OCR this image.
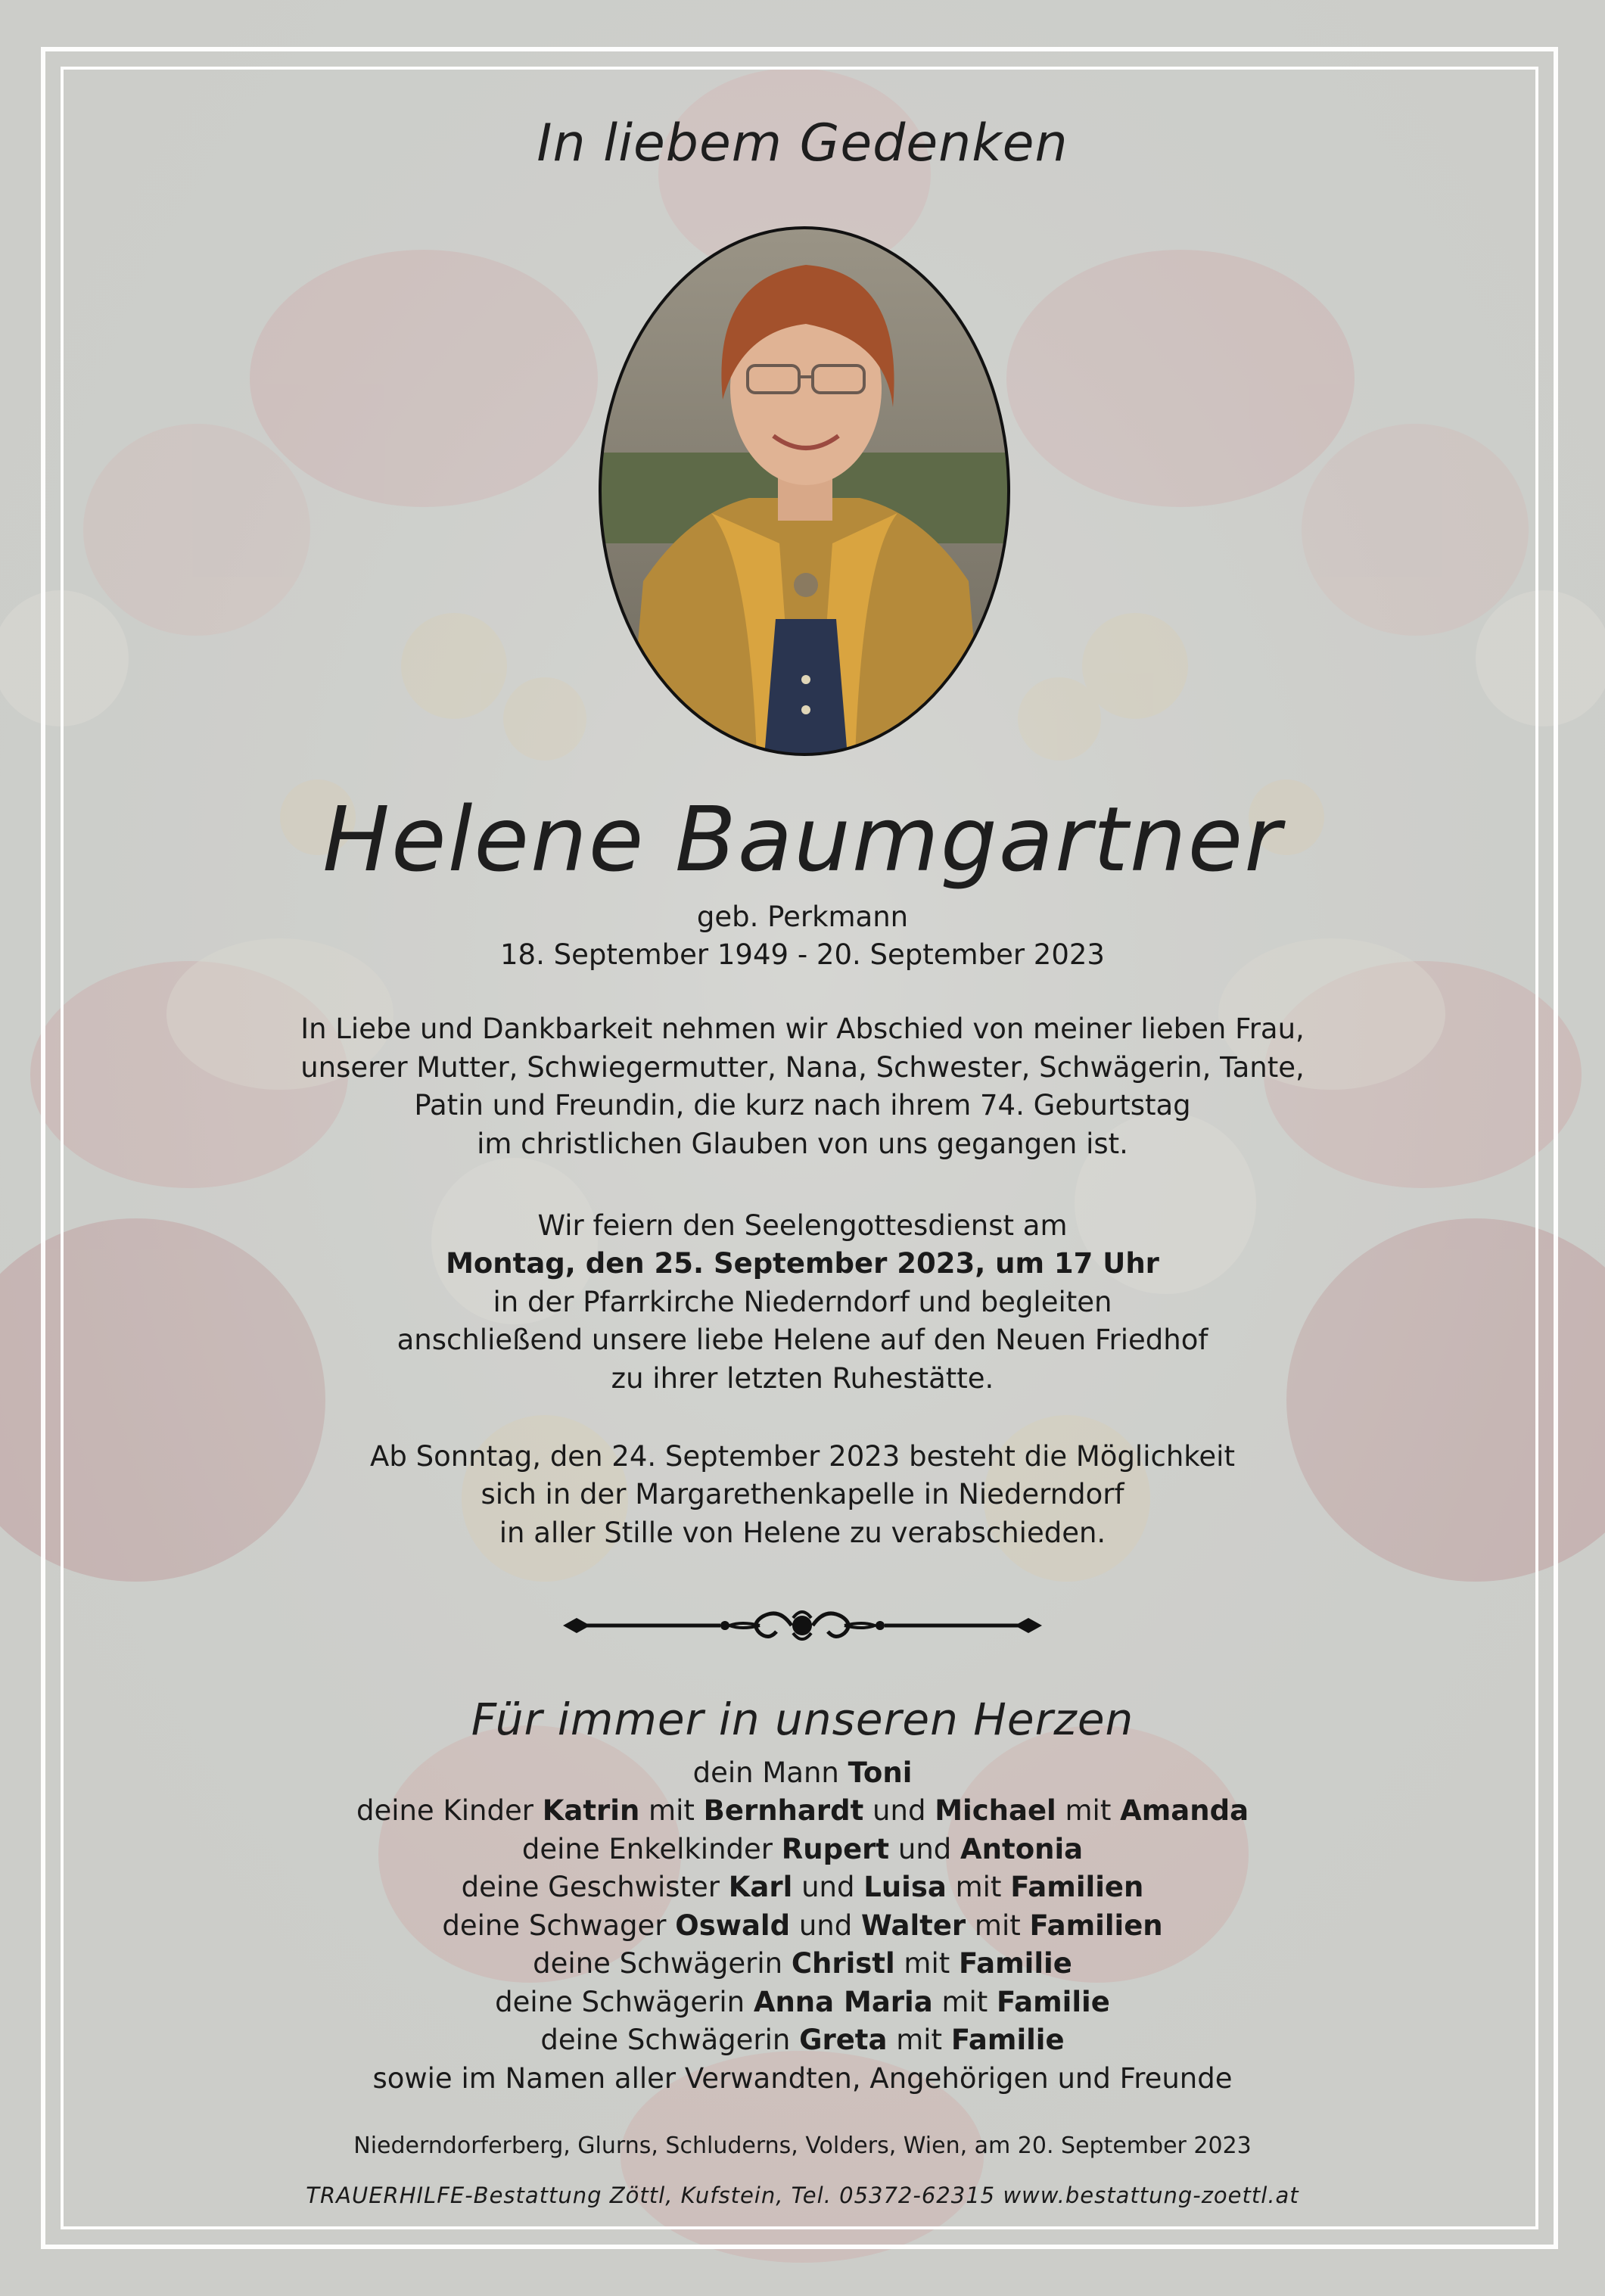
In liebem Gedenken
Helene Baumgartner
geb. Perkmann
18. September 1949 - 20. September 2023
In Liebe und Dankbarkeit nehmen wir Abschied von meiner lieben Frau,
unserer Mutter, Schwiegermutter, Nana, Schwester, Schwägerin, Tante,
Patin und Freundin, die kurz nach ihrem 74. Geburtstag
im christlichen Glauben von uns gegangen ist.
Wir feiern den Seelengottesdienst am
Montag, den 25. September 2023, um 17 Uhr
in der Pfarrkirche Niederndorf und begleiten
anschließend unsere liebe Helene auf den Neuen Friedhof
zu ihrer letzten Ruhestätte.
Ab Sonntag, den 24. September 2023 besteht die Möglichkeit
sich in der Margarethenkapelle in Niederndorf
in aller Stille von Helene zu verabschieden.
Für immer in unseren Herzen
dein Mann Toni
deine Kinder Katrin mit Bernhardt und Michael mit Amanda
deine Enkelkinder Rupert und Antonia
deine Geschwister Karl und Luisa mit Familien
deine Schwager Oswald und Walter mit Familien
deine Schwägerin Christl mit Familie
deine Schwägerin Anna Maria mit Familie
deine Schwägerin Greta mit Familie
sowie im Namen aller Verwandten, Angehörigen und Freunde
Niederndorferberg, Glurns, Schluderns, Volders, Wien, am 20. September 2023
TRAUERHILFE-Bestattung Zöttl, Kufstein, Tel. 05372-62315 www.bestattung-zoettl.at
